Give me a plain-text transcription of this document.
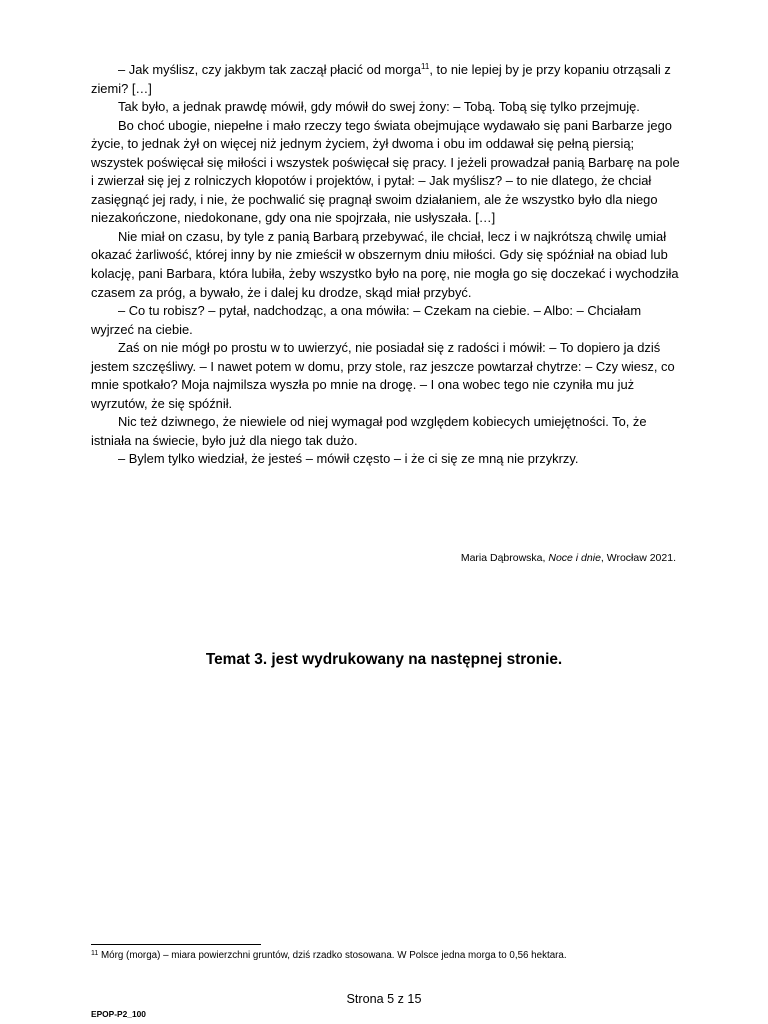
– Jak myślisz, czy jakbym tak zaczął płacić od morga$^{11}$, to nie lepiej by je przy kopaniu otrząsali z ziemi? […]

Tak było, a jednak prawdę mówił, gdy mówił do swej żony: – Tobą. Tobą się tylko przejmuję.

Bo choć ubogie, niepełne i mało rzeczy tego świata obejmujące wydawało się pani Barbarze jego życie, to jednak żył on więcej niż jednym życiem, żył dwoma i obu im oddawał się pełną piersią; wszystek poświęcał się miłości i wszystek poświęcał się pracy. I jeżeli prowadzał panią Barbarę na pole i zwierzał się jej z rolniczych kłopotów i projektów, i pytał: – Jak myślisz? – to nie dlatego, że chciał zasięgnąć jej rady, i nie, że pochwalić się pragnął swoim działaniem, ale że wszystko było dla niego niezakończone, niedokonane, gdy ona nie spojrzała, nie usłyszała. […]

Nie miał on czasu, by tyle z panią Barbarą przebywać, ile chciał, lecz i w najkrótszą chwilę umiał okazać żarliwość, której inny by nie zmieścił w obszernym dniu miłości. Gdy się spóźniał na obiad lub kolację, pani Barbara, która lubiła, żeby wszystko było na porę, nie mogła go się doczekać i wychodziła czasem za próg, a bywało, że i dalej ku drodze, skąd miał przybyć.

– Co tu robisz? – pytał, nadchodząc, a ona mówiła: – Czekam na ciebie. – Albo: – Chciałam wyjrzeć na ciebie.

Zaś on nie mógł po prostu w to uwierzyć, nie posiadał się z radości i mówił: – To dopiero ja dziś jestem szczęśliwy. – I nawet potem w domu, przy stole, raz jeszcze powtarzał chytrze: – Czy wiesz, co mnie spotkało? Moja najmilsza wyszła po mnie na drogę. – I ona wobec tego nie czyniła mu już wyrzutów, że się spóźnił.

Nic też dziwnego, że niewiele od niej wymagał pod względem kobiecych umiejętności. To, że istniała na świecie, było już dla niego tak dużo.

– Bylem tylko wiedział, że jesteś – mówił często – i że ci się ze mną nie przykrzy.

Maria Dąbrowska, Noce i dnie, Wrocław 2021.
Temat 3. jest wydrukowany na następnej stronie.
$^{11}$ Mórg (morga) – miara powierzchni gruntów, dziś rzadko stosowana. W Polsce jedna morga to 0,56 hektara.
Strona 5 z 15
EPOP-P2_100
